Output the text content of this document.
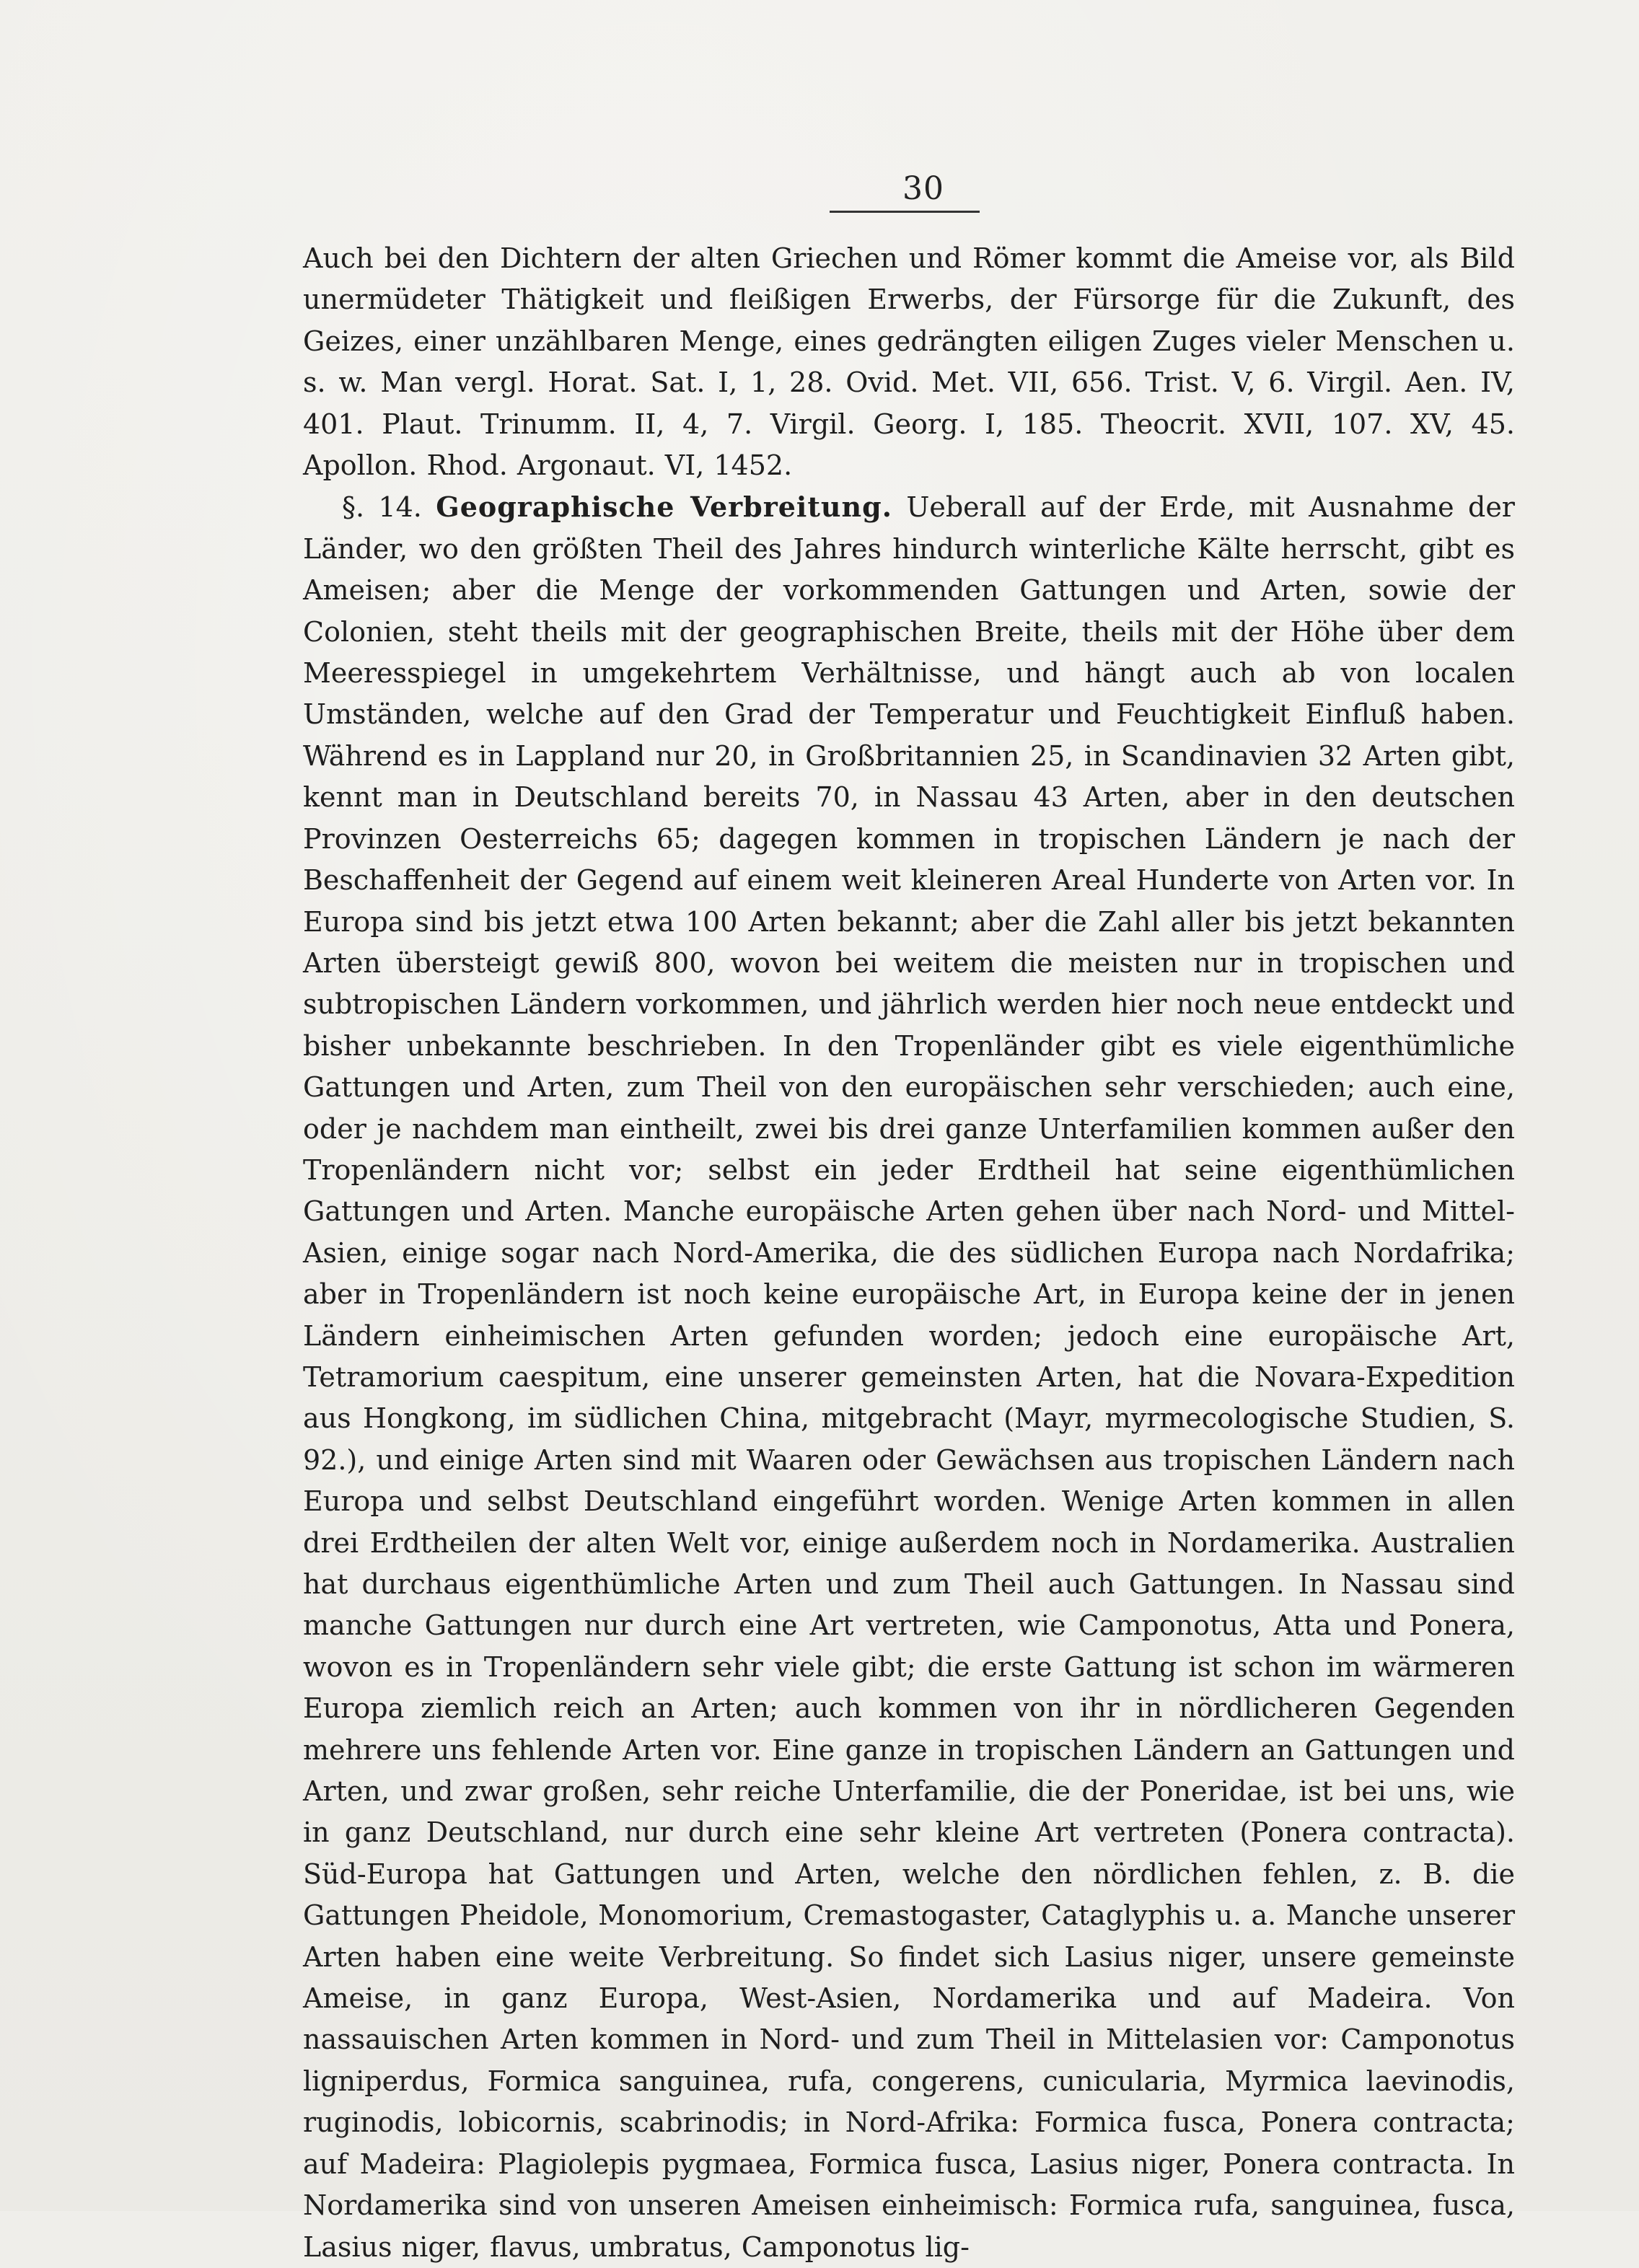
30

Auch bei den Dichtern der alten Griechen und Römer kommt die Ameise vor, als Bild unermüdeter Thätigkeit und fleißigen Erwerbs, der Fürsorge für die Zukunft, des Geizes, einer unzählbaren Menge, eines gedrängten eiligen Zuges vieler Menschen u. s. w. Man vergl. Horat. Sat. I, 1, 28. Ovid. Met. VII, 656. Trist. V, 6. Virgil. Aen. IV, 401. Plaut. Trinumm. II, 4, 7. Virgil. Georg. I, 185. Theocrit. XVII, 107. XV, 45. Apollon. Rhod. Argonaut. VI, 1452.

§. 14. Geographische Verbreitung. Ueberall auf der Erde, mit Ausnahme der Länder, wo den größten Theil des Jahres hindurch winterliche Kälte herrscht, gibt es Ameisen; aber die Menge der vorkommenden Gattungen und Arten, sowie der Colonien, steht theils mit der geographischen Breite, theils mit der Höhe über dem Meeresspiegel in umgekehrtem Verhältnisse, und hängt auch ab von localen Umständen, welche auf den Grad der Temperatur und Feuchtigkeit Einfluß haben. Während es in Lappland nur 20, in Großbritannien 25, in Scandinavien 32 Arten gibt, kennt man in Deutschland bereits 70, in Nassau 43 Arten, aber in den deutschen Provinzen Oesterreichs 65; dagegen kommen in tropischen Ländern je nach der Beschaffenheit der Gegend auf einem weit kleineren Areal Hunderte von Arten vor. In Europa sind bis jetzt etwa 100 Arten bekannt; aber die Zahl aller bis jetzt bekannten Arten übersteigt gewiß 800, wovon bei weitem die meisten nur in tropischen und subtropischen Ländern vorkommen, und jährlich werden hier noch neue entdeckt und bisher unbekannte beschrieben. In den Tropenländer gibt es viele eigenthümliche Gattungen und Arten, zum Theil von den europäischen sehr verschieden; auch eine, oder je nachdem man eintheilt, zwei bis drei ganze Unterfamilien kommen außer den Tropenländern nicht vor; selbst ein jeder Erdtheil hat seine eigenthümlichen Gattungen und Arten. Manche europäische Arten gehen über nach Nord- und Mittel-Asien, einige sogar nach Nord-Amerika, die des südlichen Europa nach Nordafrika; aber in Tropenländern ist noch keine europäische Art, in Europa keine der in jenen Ländern einheimischen Arten gefunden worden; jedoch eine europäische Art, Tetramorium caespitum, eine unserer gemeinsten Arten, hat die Novara-Expedition aus Hongkong, im südlichen China, mitgebracht (Mayr, myrmecologische Studien, S. 92.), und einige Arten sind mit Waaren oder Gewächsen aus tropischen Ländern nach Europa und selbst Deutschland eingeführt worden. Wenige Arten kommen in allen drei Erdtheilen der alten Welt vor, einige außerdem noch in Nordamerika. Australien hat durchaus eigenthümliche Arten und zum Theil auch Gattungen. In Nassau sind manche Gattungen nur durch eine Art vertreten, wie Camponotus, Atta und Ponera, wovon es in Tropenländern sehr viele gibt; die erste Gattung ist schon im wärmeren Europa ziemlich reich an Arten; auch kommen von ihr in nördlicheren Gegenden mehrere uns fehlende Arten vor. Eine ganze in tropischen Ländern an Gattungen und Arten, und zwar großen, sehr reiche Unterfamilie, die der Poneridae, ist bei uns, wie in ganz Deutschland, nur durch eine sehr kleine Art vertreten (Ponera contracta). Süd-Europa hat Gattungen und Arten, welche den nördlichen fehlen, z. B. die Gattungen Pheidole, Monomorium, Cremastogaster, Cataglyphis u. a. Manche unserer Arten haben eine weite Verbreitung. So findet sich Lasius niger, unsere gemeinste Ameise, in ganz Europa, West-Asien, Nordamerika und auf Madeira. Von nassauischen Arten kommen in Nord- und zum Theil in Mittelasien vor: Camponotus ligniperdus, Formica sanguinea, rufa, congerens, cunicularia, Myrmica laevinodis, ruginodis, lobicornis, scabrinodis; in Nord-Afrika: Formica fusca, Ponera contracta; auf Madeira: Plagiolepis pygmaea, Formica fusca, Lasius niger, Ponera contracta. In Nordamerika sind von unseren Ameisen einheimisch: Formica rufa, sanguinea, fusca, Lasius niger, flavus, umbratus, Camponotus lig-
